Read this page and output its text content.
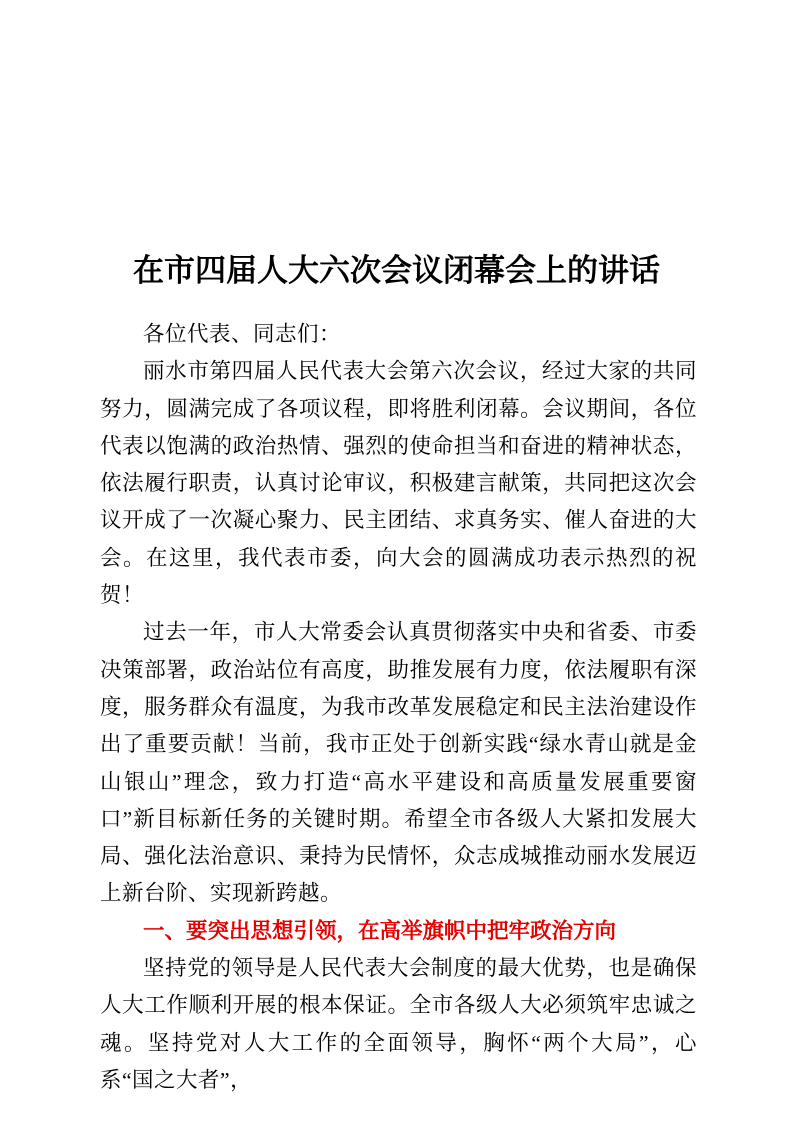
在市四届人大六次会议闭幕会上的讲话

各位代表、同志们：

丽水市第四届人民代表大会第六次会议，经过大家的共同努力，圆满完成了各项议程，即将胜利闭幕。会议期间，各位代表以饱满的政治热情、强烈的使命担当和奋进的精神状态，依法履行职责，认真讨论审议，积极建言献策，共同把这次会议开成了一次凝心聚力、民主团结、求真务实、催人奋进的大会。在这里，我代表市委，向大会的圆满成功表示热烈的祝贺！

过去一年，市人大常委会认真贯彻落实中央和省委、市委决策部署，政治站位有高度，助推发展有力度，依法履职有深度，服务群众有温度，为我市改革发展稳定和民主法治建设作出了重要贡献！当前，我市正处于创新实践“绿水青山就是金山银山”理念，致力打造“高水平建设和高质量发展重要窗口”新目标新任务的关键时期。希望全市各级人大紧扣发展大局、强化法治意识、秉持为民情怀，众志成城推动丽水发展迈上新台阶、实现新跨越。

一、要突出思想引领，在高举旗帜中把牢政治方向

坚持党的领导是人民代表大会制度的最大优势，也是确保人大工作顺利开展的根本保证。全市各级人大必须筑牢忠诚之魂。坚持党对人大工作的全面领导，胸怀“两个大局”，心系“国之大者”，
